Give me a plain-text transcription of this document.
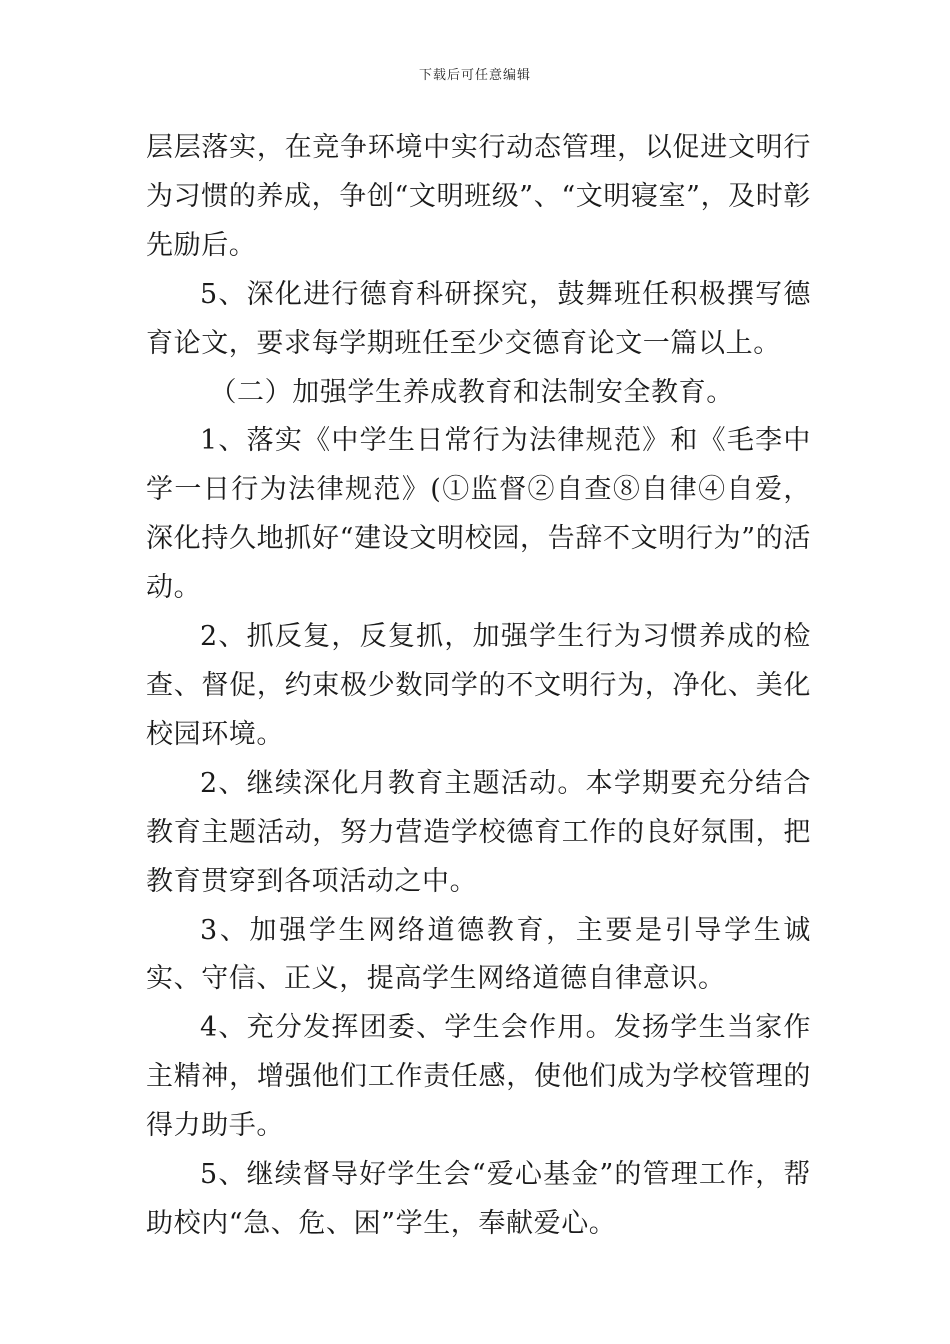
下载后可任意编辑

层层落实，在竞争环境中实行动态管理，以促进文明行为习惯的养成，争创“文明班级”、“文明寝室”，及时彰先励后。

5、深化进行德育科研探究，鼓舞班任积极撰写德育论文，要求每学期班任至少交德育论文一篇以上。

（二）加强学生养成教育和法制安全教育。

1、落实《中学生日常行为法律规范》和《毛李中学一日行为法律规范》(①监督②自查⑧自律④自爱，深化持久地抓好“建设文明校园，告辞不文明行为”的活动。

2、抓反复，反复抓，加强学生行为习惯养成的检查、督促，约束极少数同学的不文明行为，净化、美化校园环境。

2、继续深化月教育主题活动。本学期要充分结合教育主题活动，努力营造学校德育工作的良好氛围，把教育贯穿到各项活动之中。

3、加强学生网络道德教育，主要是引导学生诚实、守信、正义，提高学生网络道德自律意识。

4、充分发挥团委、学生会作用。发扬学生当家作主精神，增强他们工作责任感，使他们成为学校管理的得力助手。

5、继续督导好学生会“爱心基金”的管理工作，帮助校内“急、危、困”学生，奉献爱心。
